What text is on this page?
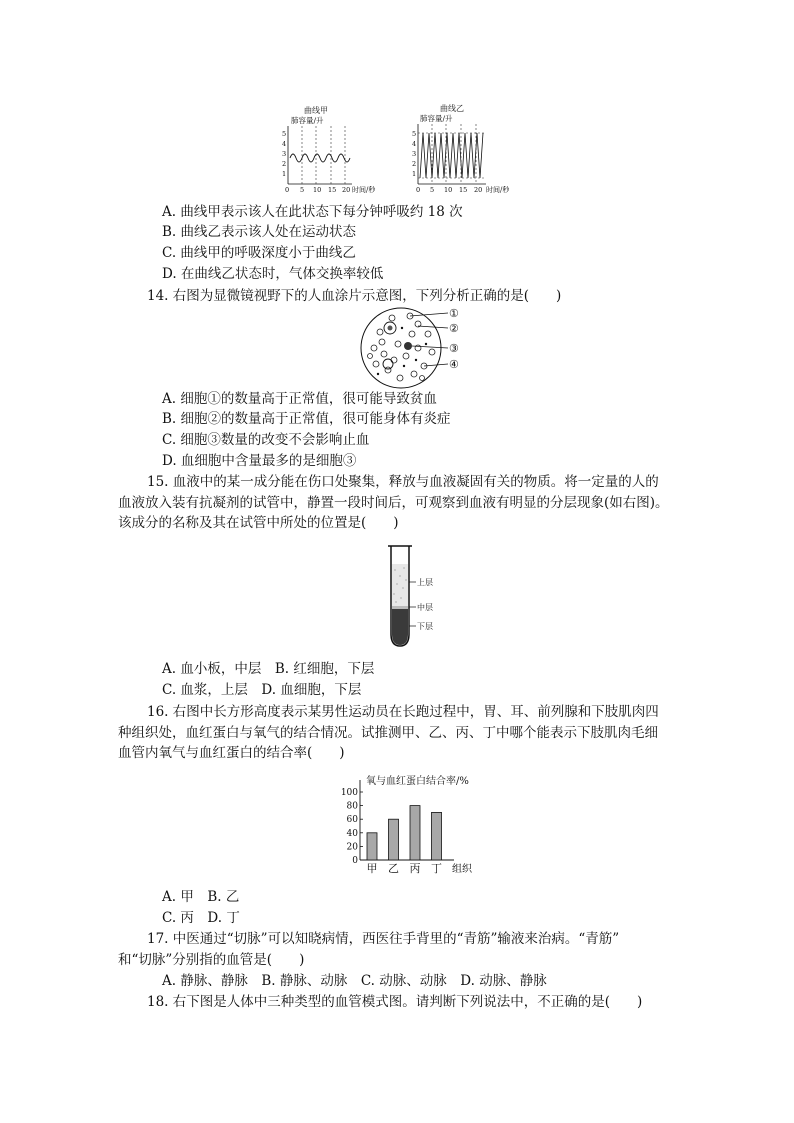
曲线甲
肺容量/升
5
4
3
2
1
0 5 10 15 20 时间/秒
曲线乙
肺容量/升
5
4
3
2
1
0 5 10 15 20 时间/秒
A. 曲线甲表示该人在此状态下每分钟呼吸约 18 次
B. 曲线乙表示该人处在运动状态
C. 曲线甲的呼吸深度小于曲线乙
D. 在曲线乙状态时，气体交换率较低
14. 右图为显微镜视野下的人血涂片示意图，下列分析正确的是(　　)
①
②
③
④
A. 细胞①的数量高于正常值，很可能导致贫血
B. 细胞②的数量高于正常值，很可能身体有炎症
C. 细胞③数量的改变不会影响止血
D. 血细胞中含量最多的是细胞③
15. 血液中的某一成分能在伤口处聚集，释放与血液凝固有关的物质。将一定量的人的
血液放入装有抗凝剂的试管中，静置一段时间后，可观察到血液有明显的分层现象(如右图)。
该成分的名称及其在试管中所处的位置是(　　)
上层
中层
下层
A. 血小板，中层　B. 红细胞，下层
C. 血浆，上层　D. 血细胞，下层
16. 右图中长方形高度表示某男性运动员在长跑过程中，胃、耳、前列腺和下肢肌肉四
种组织处，血红蛋白与氧气的结合情况。试推测甲、乙、丙、丁中哪个能表示下肢肌肉毛细
血管内氧气与血红蛋白的结合率(　　)
氧与血红蛋白结合率/%
100
80
60
40
20
0
甲 乙 丙 丁 组织
A. 甲　B. 乙
C. 丙　D. 丁
17. 中医通过“切脉”可以知晓病情，西医往手背里的“青筋”输液来治病。“青筋”
和“切脉”分别指的血管是(　　)
A. 静脉、静脉　B. 静脉、动脉　C. 动脉、动脉　D. 动脉、静脉
18. 右下图是人体中三种类型的血管模式图。请判断下列说法中，不正确的是(　　)
